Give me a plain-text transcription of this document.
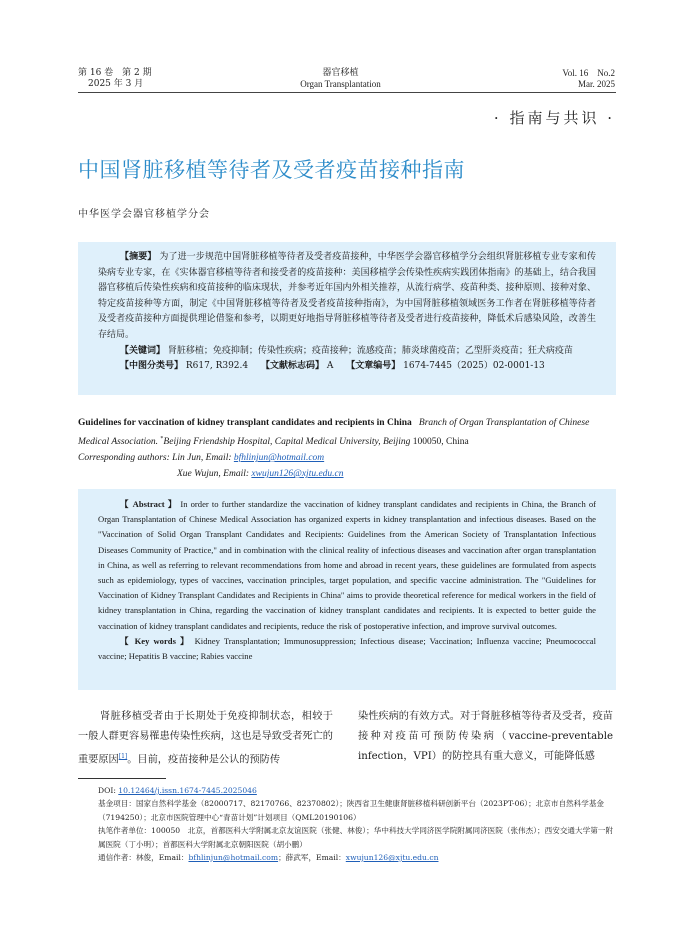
第 16 卷　第 2 期
2025 年 3 月
器官移植
Organ Transplantation
Vol. 16　No.2
Mar. 2025
· 指南与共识 ·
中国肾脏移植等待者及受者疫苗接种指南
中华医学会器官移植学分会

【摘要】 为了进一步规范中国肾脏移植等待者及受者疫苗接种，中华医学会器官移植学分会组织肾脏移植专业专家和传染病专业专家，在《实体器官移植等待者和接受者的疫苗接种：美国移植学会传染性疾病实践团体指南》的基础上，结合我国器官移植后传染性疾病和疫苗接种的临床现状，并参考近年国内外相关推荐，从流行病学、疫苗种类、接种原则、接种对象、特定疫苗接种等方面，制定《中国肾脏移植等待者及受者疫苗接种指南》，为中国肾脏移植领域医务工作者在肾脏移植等待者及受者疫苗接种方面提供理论借鉴和参考，以期更好地指导肾脏移植等待者及受者进行疫苗接种，降低术后感染风险，改善生存结局。

【关键词】 肾脏移植；免疫抑制；传染性疾病；疫苗接种；流感疫苗；肺炎球菌疫苗；乙型肝炎疫苗；狂犬病疫苗

【中图分类号】 R617, R392.4 【文献标志码】 A 【文章编号】 1674-7445（2025）02-0001-13

Guidelines for vaccination of kidney transplant candidates and recipients in China Branch of Organ Transplantation of Chinese Medical Association. *Beijing Friendship Hospital, Capital Medical University, Beijing 100050, China

Corresponding authors: Lin Jun, Email: bfhlinjun@hotmail.com

Xue Wujun, Email: xwujun126@xjtu.edu.cn

【 Abstract 】 In order to further standardize the vaccination of kidney transplant candidates and recipients in China, the Branch of Organ Transplantation of Chinese Medical Association has organized experts in kidney transplantation and infectious diseases. Based on the "Vaccination of Solid Organ Transplant Candidates and Recipients: Guidelines from the American Society of Transplantation Infectious Diseases Community of Practice," and in combination with the clinical reality of infectious diseases and vaccination after organ transplantation in China, as well as referring to relevant recommendations from home and abroad in recent years, these guidelines are formulated from aspects such as epidemiology, types of vaccines, vaccination principles, target population, and specific vaccine administration. The "Guidelines for Vaccination of Kidney Transplant Candidates and Recipients in China" aims to provide theoretical reference for medical workers in the field of kidney transplantation in China, regarding the vaccination of kidney transplant candidates and recipients. It is expected to better guide the vaccination of kidney transplant candidates and recipients, reduce the risk of postoperative infection, and improve survival outcomes.

【 Key words 】 Kidney Transplantation; Immunosuppression; Infectious disease; Vaccination; Influenza vaccine; Pneumococcal vaccine; Hepatitis B vaccine; Rabies vaccine

肾脏移植受者由于长期处于免疫抑制状态，相较于一般人群更容易罹患传染性疾病，这也是导致受者死亡的重要原因[1]。目前，疫苗接种是公认的预防传

染性疾病的有效方式。对于肾脏移植等待者及受者，疫苗接种对疫苗可预防传染病（vaccine-preventable infection，VPI）的防控具有重大意义，可能降低感

DOI: 10.12464/j.issn.1674-7445.2025046

基金项目：国家自然科学基金（82000717、82170766、82370802）；陕西省卫生健康肾脏移植科研创新平台（2023PT-06）；北京市自然科学基金（7194250）；北京市医院管理中心“青苗计划”计划项目（QML20190106）

执笔作者单位：100050　北京，首都医科大学附属北京友谊医院（张健、林俊）；华中科技大学同济医学院附属同济医院（张伟杰）；西安交通大学第一附属医院（丁小明）；首都医科大学附属北京朝阳医院（胡小鹏）

通信作者：林俊，Email：bfhlinjun@hotmail.com；薛武军，Email：xwujun126@xjtu.edu.cn
